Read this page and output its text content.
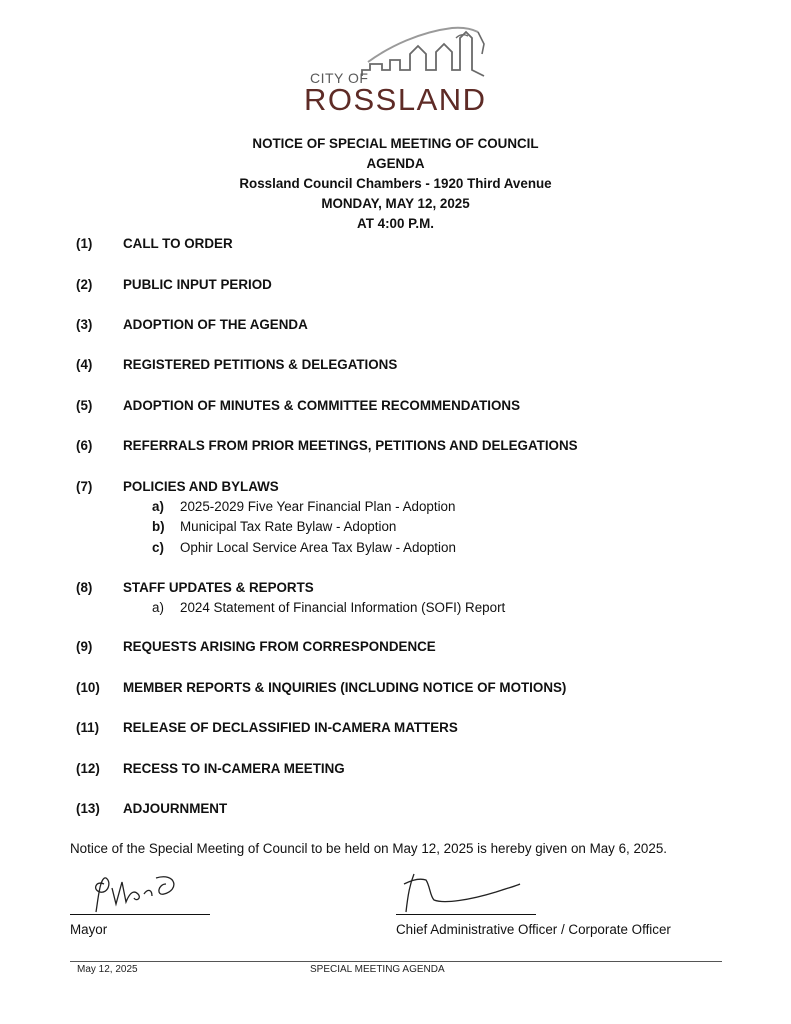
CITY OF
ROSSLAND
NOTICE OF SPECIAL MEETING OF COUNCIL
AGENDA
Rossland Council Chambers - 1920 Third Avenue
MONDAY, MAY 12, 2025
AT 4:00 P.M.
(1) CALL TO ORDER
(2) PUBLIC INPUT PERIOD
(3) ADOPTION OF THE AGENDA
(4) REGISTERED PETITIONS & DELEGATIONS
(5) ADOPTION OF MINUTES & COMMITTEE RECOMMENDATIONS
(6) REFERRALS FROM PRIOR MEETINGS, PETITIONS AND DELEGATIONS
(7) POLICIES AND BYLAWS
a) 2025-2029 Five Year Financial Plan - Adoption
b) Municipal Tax Rate Bylaw - Adoption
c) Ophir Local Service Area Tax Bylaw - Adoption
(8) STAFF UPDATES & REPORTS
a) 2024 Statement of Financial Information (SOFI) Report
(9) REQUESTS ARISING FROM CORRESPONDENCE
(10) MEMBER REPORTS & INQUIRIES (INCLUDING NOTICE OF MOTIONS)
(11) RELEASE OF DECLASSIFIED IN-CAMERA MATTERS
(12) RECESS TO IN-CAMERA MEETING
(13) ADJOURNMENT
Notice of the Special Meeting of Council to be held on May 12, 2025 is hereby given on May 6, 2025.
Mayor	Chief Administrative Officer / Corporate Officer
May 12, 2025	SPECIAL MEETING AGENDA
